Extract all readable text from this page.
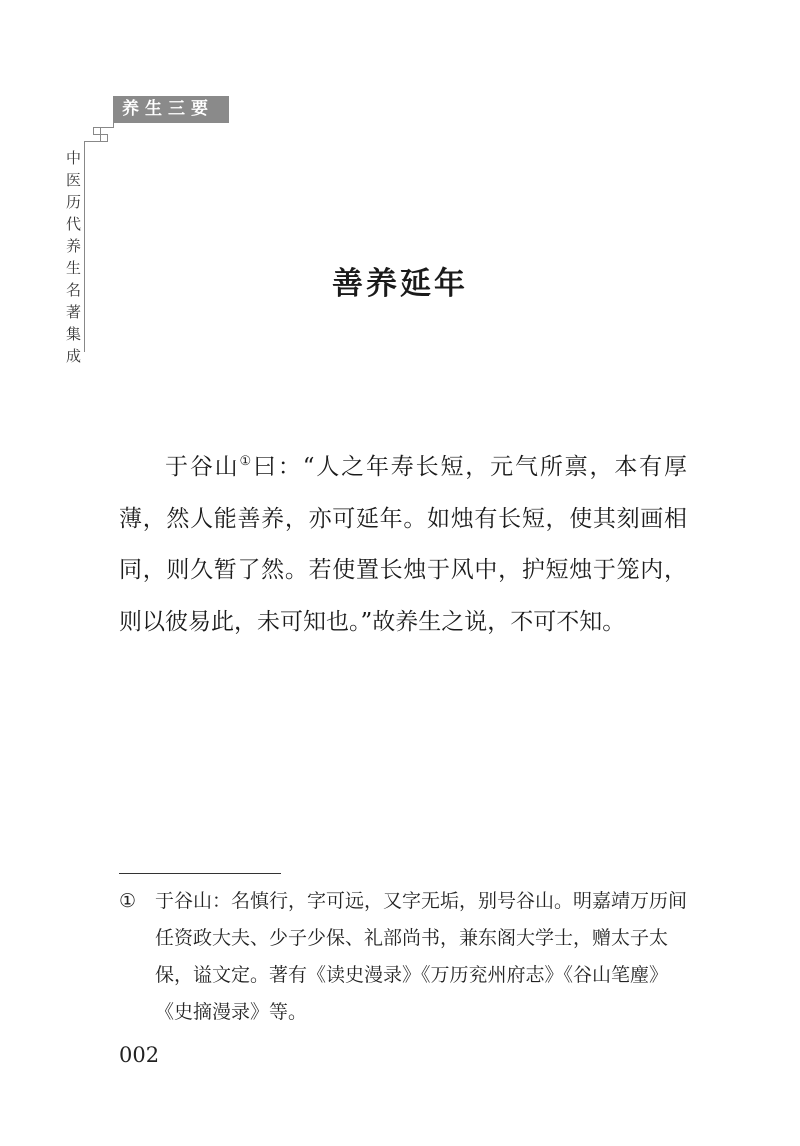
养生三要
中医历代养生名著集成	善养延年
于谷山①曰：“人之年寿长短，元气所禀，本有厚薄，然人能善养，亦可延年。如烛有长短，使其刻画相同，则久暂了然。若使置长烛于风中，护短烛于笼内，则以彼易此，未可知也。”故养生之说，不可不知。
① 于谷山：名慎行，字可远，又字无垢，别号谷山。明嘉靖万历间任资政大夫、少子少保、礼部尚书，兼东阁大学士，赠太子太保，谥文定。著有《读史漫录》《万历兖州府志》《谷山笔麈》《史摘漫录》等。
002
